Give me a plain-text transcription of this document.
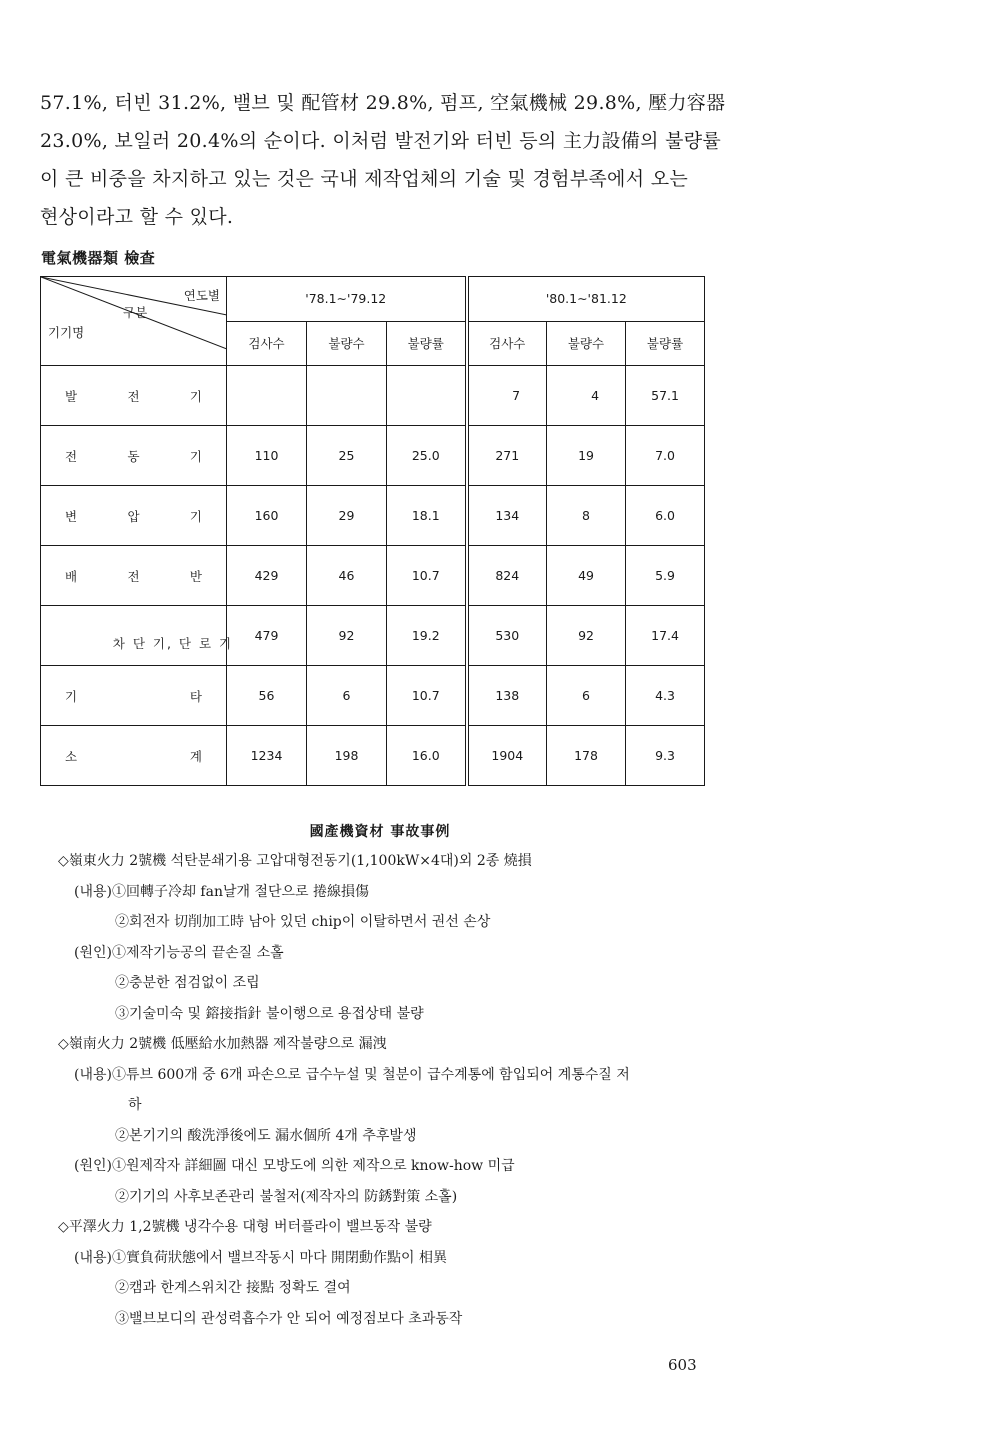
57.1%, 터빈 31.2%, 밸브 및 配管材 29.8%, 펌프, 空氣機械 29.8%, 壓力容器
23.0%, 보일러 20.4%의 순이다. 이처럼 발전기와 터빈 등의 主力設備의 불량률
이 큰 비중을 차지하고 있는 것은 국내 제작업체의 기술 및 경험부족에서 오는
현상이라고 할 수 있다.

電氣機器類 檢查
연도별
구분
기기명	'78.1∼'79.12			'80.1∼'81.12		
	검사수	불량수	불량률	검사수	불량수	불량률

발 전 기				7	4	57.1

전 동 기	110	25	25.0	271	19	7.0

변 압 기	160	29	18.1	134	8	6.0

배 전 반	429	46	10.7	824	49	5.9

차 단 기, 단 로 기	479	92	19.2	530	92	17.4

기 타	56	6	10.7	138	6	4.3

소 계	1234	198	16.0	1904	178	9.3
國產機資材 事故事例
◇嶺東火力 2號機 석탄분쇄기용 고압대형전동기(1,100kW×4대)외 2종 燒損
(내용)①回轉子冷却 fan날개 절단으로 捲線損傷
②회전자 切削加工時 남아 있던 chip이 이탈하면서 권선 손상
(원인)①제작기능공의 끝손질 소홀
②충분한 점검없이 조립
③기술미숙 및 鎔接指針 불이행으로 용접상태 불량
◇嶺南火力 2號機 低壓給水加熱器 제작불량으로 漏洩
(내용)①튜브 600개 중 6개 파손으로 급수누설 및 철분이 급수계통에 함입되어 계통수질 저
하
②본기기의 酸洗淨後에도 漏水個所 4개 추후발생
(원인)①원제작자 詳細圖 대신 모방도에 의한 제작으로 know-how 미급
②기기의 사후보존관리 불철저(제작자의 防銹對策 소홀)
◇平澤火力 1,2號機 냉각수용 대형 버터플라이 밸브동작 불량
(내용)①實負荷狀態에서 밸브작동시 마다 開閉動作點이 相異
②캠과 한계스위치간 接點 정확도 결여
③밸브보디의 관성력흡수가 안 되어 예정점보다 초과동작
603
